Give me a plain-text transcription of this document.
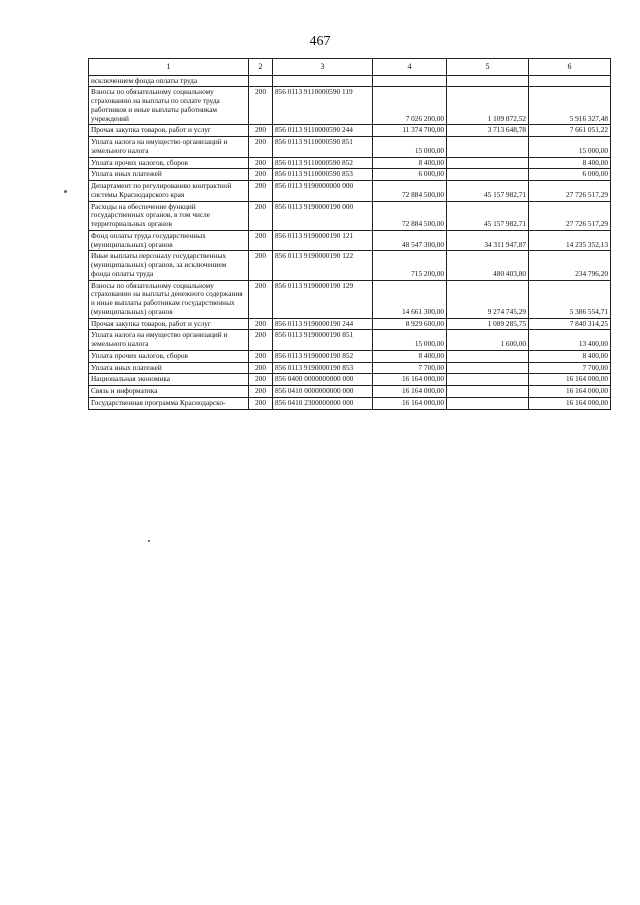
467
1	2	3	4	5	6
исключением фонда оплаты труда					
Взносы по обязательному социальному страхованию на выплаты по оплате труда работников и иные выплаты работникам учреждений	200	856 0113 9110000590 119	7 026 200,00	1 109 872,52	5 916 327,48
Прочая закупка товаров, работ и услуг	200	856 0113 9110000590 244	11 374 700,00	3 713 648,78	7 661 051,22
Уплата налога на имущество организаций и земельного налога	200	856 0113 9110000590 851	15 000,00		15 000,00
Уплата прочих налогов, сборов	200	856 0113 9110000590 852	8 400,00		8 400,00
Уплата иных платежей	200	856 0113 9110000590 853	6 000,00		6 000,00
Департамент по регулированию контрактной системы Краснодарского края	200	856 0113 9190000000 000	72 884 500,00	45 157 982,71	27 726 517,29
Расходы на обеспечение функций государственных органов, в том числе территориальных органов	200	856 0113 9190000190 000	72 884 500,00	45 157 982,71	27 726 517,29
Фонд оплаты труда государственных (муниципальных) органов	200	856 0113 9190000190 121	48 547 300,00	34 311 947,87	14 235 352,13
Иные выплаты персоналу государственных (муниципальных) органов, за исключением фонда оплаты труда	200	856 0113 9190000190 122	715 200,00	480 403,80	234 796,20
Взносы по обязательному социальному страхованию на выплаты денежного содержания и иные выплаты работникам государственных (муниципальных) органов	200	856 0113 9190000190 129	14 661 300,00	9 274 745,29	5 386 554,71
Прочая закупка товаров, работ и услуг	200	856 0113 9190000190 244	8 929 600,00	1 089 285,75	7 840 314,25
Уплата налога на имущество организаций и земельного налога	200	856 0113 9190000190 851	15 000,00	1 600,00	13 400,00
Уплата прочих налогов, сборов	200	856 0113 9190000190 852	8 400,00		8 400,00
Уплата иных платежей	200	856 0113 9190000190 853	7 700,00		7 700,00
Национальная экономика	200	856 0400 0000000000 000	16 164 000,00		16 164 000,00
Связь и информатика	200	856 0410 0000000000 000	16 164 000,00		16 164 000,00
Государственная программа Краснодарско-	200	856 0410 2300000000 000	16 164 000,00		16 164 000,00
